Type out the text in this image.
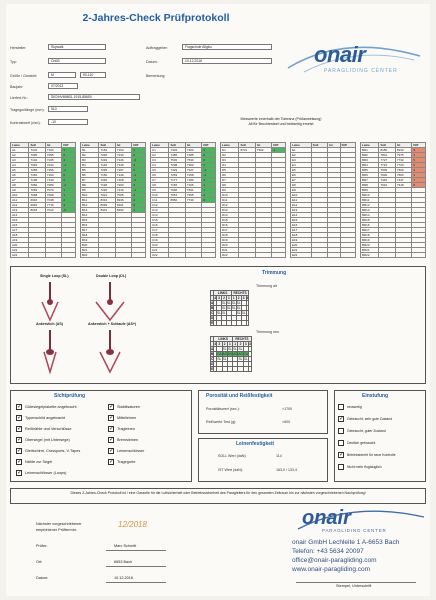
2-Jahres-Check Prüfprotokoll
onair
PARAGLIDING CENTER
Hersteller:	Skywalk
Typ:	Chili3
Größe / Gewicht:	M	90-110
Baujahr:	07/2013
Lierfert-Nr.:	SKDHVMMB1-1915-85650
Tragegurtlänge (mm):	510
Kontrastwert (mm):	-10
Auftraggeber:	Flugschule Allgäu
Datum:	10.12.2016
Bemerkung:
Messwerte innerhalb der Toleranz (Prüfanweisung)
All für Bruchtestset und beidseitig ersetzt
Leine	Soll	Ist	Diff
A1	7102	7103	1
A2	7095	7095	0
A3	7102	7105	3
A4	7045	7044	-1
A5	7258	7256	-2
A6	7160	7160	0
A7	7138	7140	2
A8	7082	7080	-2
A9	7069	7070	1
A10	7098	7099	1
A11	6946	7048	2
A12	6945	7716	3
A13	8018	7013	-5
A14			
A15			
A16			
A17			
A18			
A19			
A20			
A21			
A22			
Leine	Soll	Ist	Diff
B1	7162	7163	1
B2	7230	7230	0
B3	7249	7246	-3
B4	7146	7149	3
B5	7295	7297	2
B6	7150	7149	-1
B7	7230	7228	-2
B8	7196	7200	4
B9	7220	7219	-1
B10	7021	7025	4
B11	8334	8336	2
B12	8099	8101	2
B13	8301	8302	1
B14			
B15			
B16			
B17			
B18			
B19			
B20			
B21			
B22			
Leine	Soll	Ist	Diff
C1	7402	7403	1
C2	7485	7485	0
C3	7530	7530	0
C4	7298	7300	2
C5	7329	7327	-2
C6	7259	7258	-1
C7	7177	7180	3
C8	7165	7166	1
C9	7690	7691	1
C10	7651	7655	4
C11	8650	7730	0
C12			
C13			
C14			
C15			
C16			
C17			
C18			
C19			
C20			
C21			
C22			
Leine	Soll	Ist	Diff
D1	8701	7302	1
D2			
D3			
D4			
D5			
D6			
D7			
D8			
D9			
D10			
D11			
D12			
D13			
D14			
D15			
D16			
D17			
D18			
D19			
D20			
D21			
D22			
Leine	Soll	Ist	Diff
E1			
E2			
E3			
E4			
E5			
E6			
E7			
E8			
E9			
E10			
E11			
E12			
E13			
E14			
E15			
E16			
E17			
E18			
E19			
E20			
E21			
E22			
Leine	Soll	Ist	Diff
BR1	8180	8233	3
BR2	7801	7975	4
BR3	7727	7732	5
BR4	7715	7720	5
BR5	7605	7609	4
BR6	7600	7603	3
BR7	7440	7447	7
BR8	7610	7618	8
BR9			
BR10			
BR11			
BR12			
BR13			
BR14			
BR15			
BR16			
BR17			
BR18			
BR19			
BR20			
BR21			
BR22			
Single Loop (SL)	Double Loop (DL)
Ankerstich (AS)	Ankerstich + Schlaufe (AS+)
Trimmung
Trimmung alt
Trimmung neu
	LINKS				RECHTS			
	4	3	2	1	1	2	3	4
A			SL	SL	SL	SL		
B			SL	SL	SL	SL		
C		SL	SL			SL	SL	
D								
E								
	LINKS				RECHTS			
	4	3	2	1	1	2	3	4
A			SL	SL	SL	SL		
B		CA	AS	AS	AS	AS	CA	
C		SL	SL			SL	SL	
D								
E								
Sichtprüfung
✓ Gütesiegelplakette angebracht
✓ Typenschild angebracht
✓ Reißnähte und Verschlüsse
✓ Obersegel (mit Untersege)
✓ Gleitschirm, Crossports, V-Tapes
✓ Nähte zur Segel
✓ Leinenschlösser (Loops)
✓ Stabilisatoren
✓ Mittelleinen
✓ Tragleinen
✓ Bremsleinen
✓ Leinenschlösser
✓ Tragegurte
Porosität und Reißfestigkeit
Porositätswert (sec.):	>1700
Reißwerte Test (g):	>600
Leinenfestigkeit
SOLL Wert (daN):	114
IST Wert (daN):	163,0 / 133,4
Einstufung
neuwertig
✓ Gebraucht, sehr gute Zustand
Gebraucht, guter Zustand
Deutlich gebraucht
✓ Betriebsbereit für neue Kontrolle
Nicht mehr flugtauglich
Dieses 2-Jahres-Check Protokoll ist / eine Garantie für die Luftsicherheit oder Betriebssicherheit des Paragleiters für den gesamten Zeitraum bis zur nächsten vorgeschriebenen Nachprüfung!
Nächster vorgeschriebener
empfohlener Prüftermin:
12/2018
Prüfer:	Marc Schmitt
Ort:	6653 Bach
Datum:	10.12.2016
Stempel, Unterschrift
onair
PARAGLIDING CENTER
onair GmbH Lechleite 1 A-6653 Bach
Telefon: +43 5634 20097
office@onair-paragliding.com
www.onair-paragliding.com
